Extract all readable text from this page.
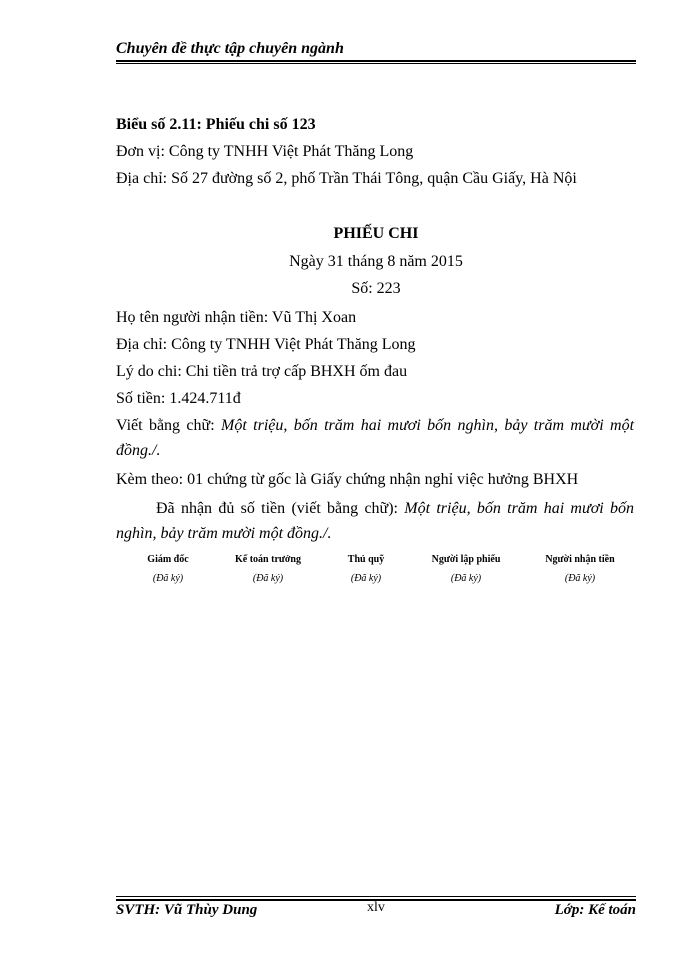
Chuyên đề thực tập chuyên ngành
Biểu số 2.11: Phiếu chi số 123
Đơn vị: Công ty TNHH Việt Phát Thăng Long
Địa chỉ: Số 27 đường số 2, phố Trần Thái Tông, quận Cầu Giấy, Hà Nội
PHIẾU CHI
Ngày 31 tháng 8 năm 2015
Số: 223
Họ tên người nhận tiền: Vũ Thị Xoan
Địa chỉ: Công ty TNHH Việt Phát Thăng Long
Lý do chi: Chi tiền trả trợ cấp BHXH ốm đau
Số tiền: 1.424.711đ
Viết bằng chữ: Một triệu, bốn trăm hai mươi bốn nghìn, bảy trăm mười một đồng./.
Kèm theo: 01 chứng từ gốc là Giấy chứng nhận nghỉ việc hưởng BHXH
Đã nhận đủ số tiền (viết bằng chữ): Một triệu, bốn trăm hai mươi bốn nghìn, bảy trăm mười một đồng./.
Giám đốc
(Đã ký)
Kế toán trưởng
(Đã ký)
Thủ quỹ
(Đã ký)
Người lập phiếu
(Đã ký)
Người nhận tiền
(Đã ký)
SVTH: Vũ Thùy Dung	xlv	Lớp: Kế toán
